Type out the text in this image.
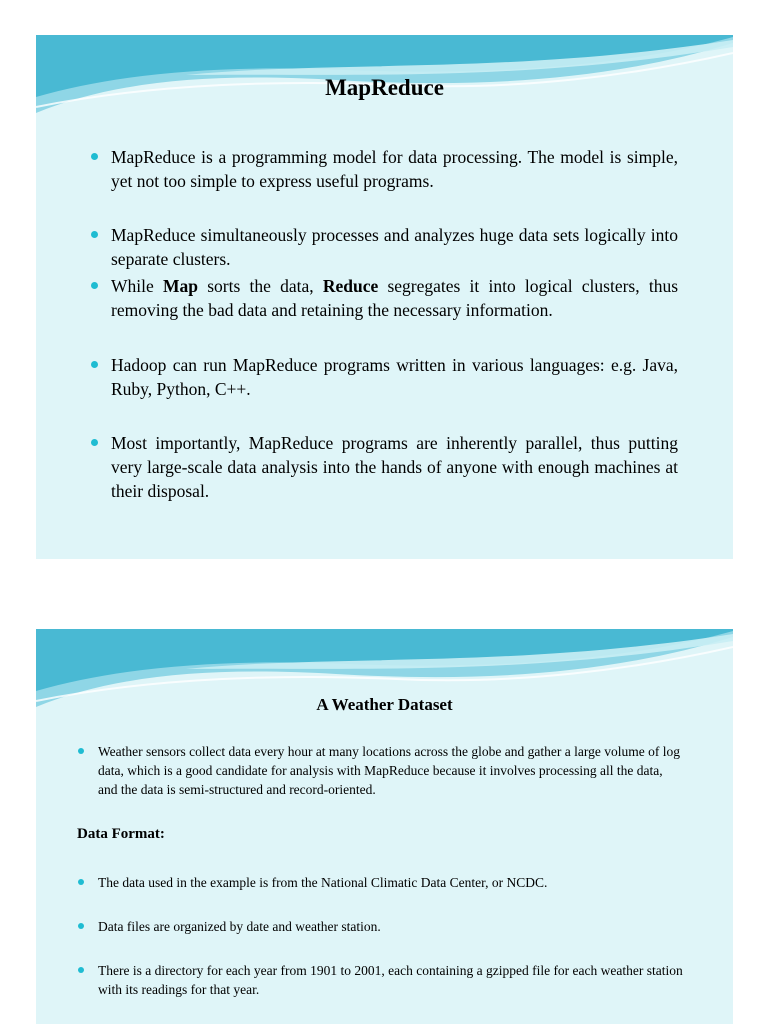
MapReduce
MapReduce is a programming model for data processing. The model is simple, yet not too simple to express useful programs.
MapReduce simultaneously processes and analyzes huge data sets logically into separate clusters.
While Map sorts the data, Reduce segregates it into logical clusters, thus removing the bad data and retaining the necessary information.
Hadoop can run MapReduce programs written in various languages: e.g. Java, Ruby, Python, C++.
Most importantly, MapReduce programs are inherently parallel, thus putting very large-scale data analysis into the hands of anyone with enough machines at their disposal.
A Weather Dataset
Weather sensors collect data every hour at many locations across the globe and gather a large volume of log data, which is a good candidate for analysis with MapReduce because it involves processing all the data, and the data is semi-structured and record-oriented.
Data Format:
The data used in the example is from the National Climatic Data Center, or NCDC.
Data files are organized by date and weather station.
There is a directory for each year from 1901 to 2001, each containing a gzipped file for each weather station with its readings for that year.
